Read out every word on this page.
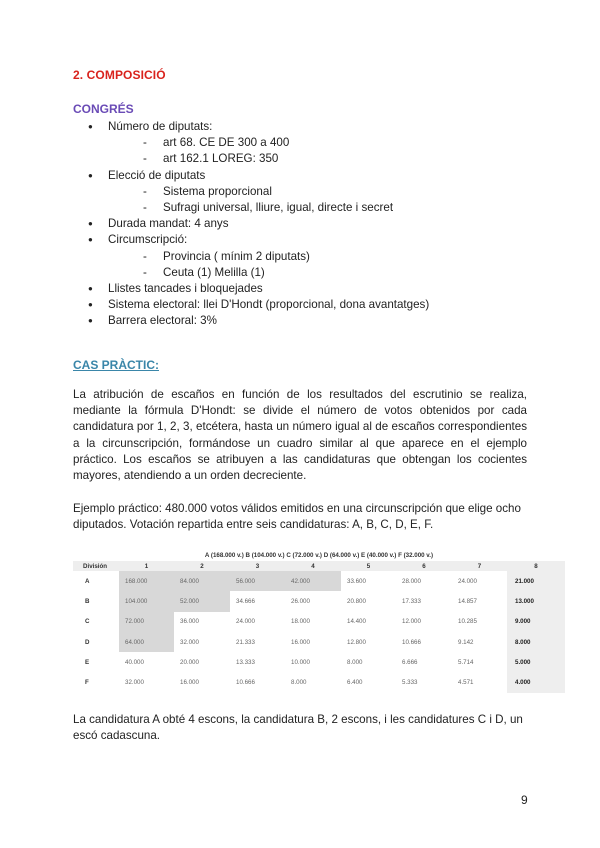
2. COMPOSICIÓ
CONGRÉS
● Número de diputats:
- art 68. CE DE 300 a 400
- art 162.1 LOREG: 350
● Elecció de diputats
- Sistema proporcional
- Sufragi universal, lliure, igual, directe i secret
● Durada mandat: 4 anys
● Circumscripció:
- Provincia ( mínim 2 diputats)
- Ceuta (1) Melilla (1)
● Llistes tancades i bloquejades
● Sistema electoral: llei D'Hondt (proporcional, dona avantatges)
● Barrera electoral: 3%
CAS PRÀCTIC:

La atribución de escaños en función de los resultados del escrutinio se realiza, mediante la fórmula D'Hondt: se divide el número de votos obtenidos por cada candidatura por 1, 2, 3, etcétera, hasta un número igual al de escaños correspondientes a la circunscripción, formándose un cuadro similar al que aparece en el ejemplo práctico. Los escaños se atribuyen a las candidaturas que obtengan los cocientes mayores, atendiendo a un orden decreciente.

Ejemplo práctico: 480.000 votos válidos emitidos en una circunscripción que elige ocho diputados. Votación repartida entre seis candidaturas: A, B, C, D, E, F.

A (168.000 v.) B (104.000 v.) C (72.000 v.) D (64.000 v.) E (40.000 v.) F (32.000 v.)
División	1	2	3	4	5	6	7	8
A	168.000	84.000	56.000	42.000	33.600	28.000	24.000	21.000
B	104.000	52.000	34.666	26.000	20.800	17.333	14.857	13.000
C	72.000	36.000	24.000	18.000	14.400	12.000	10.285	9.000
D	64.000	32.000	21.333	16.000	12.800	10.666	9.142	8.000
E	40.000	20.000	13.333	10.000	8.000	6.666	5.714	5.000
F	32.000	16.000	10.666	8.000	6.400	5.333	4.571	4.000

La candidatura A obté 4 escons, la candidatura B, 2 escons, i les candidatures C i D, un escó cadascuna.

9
